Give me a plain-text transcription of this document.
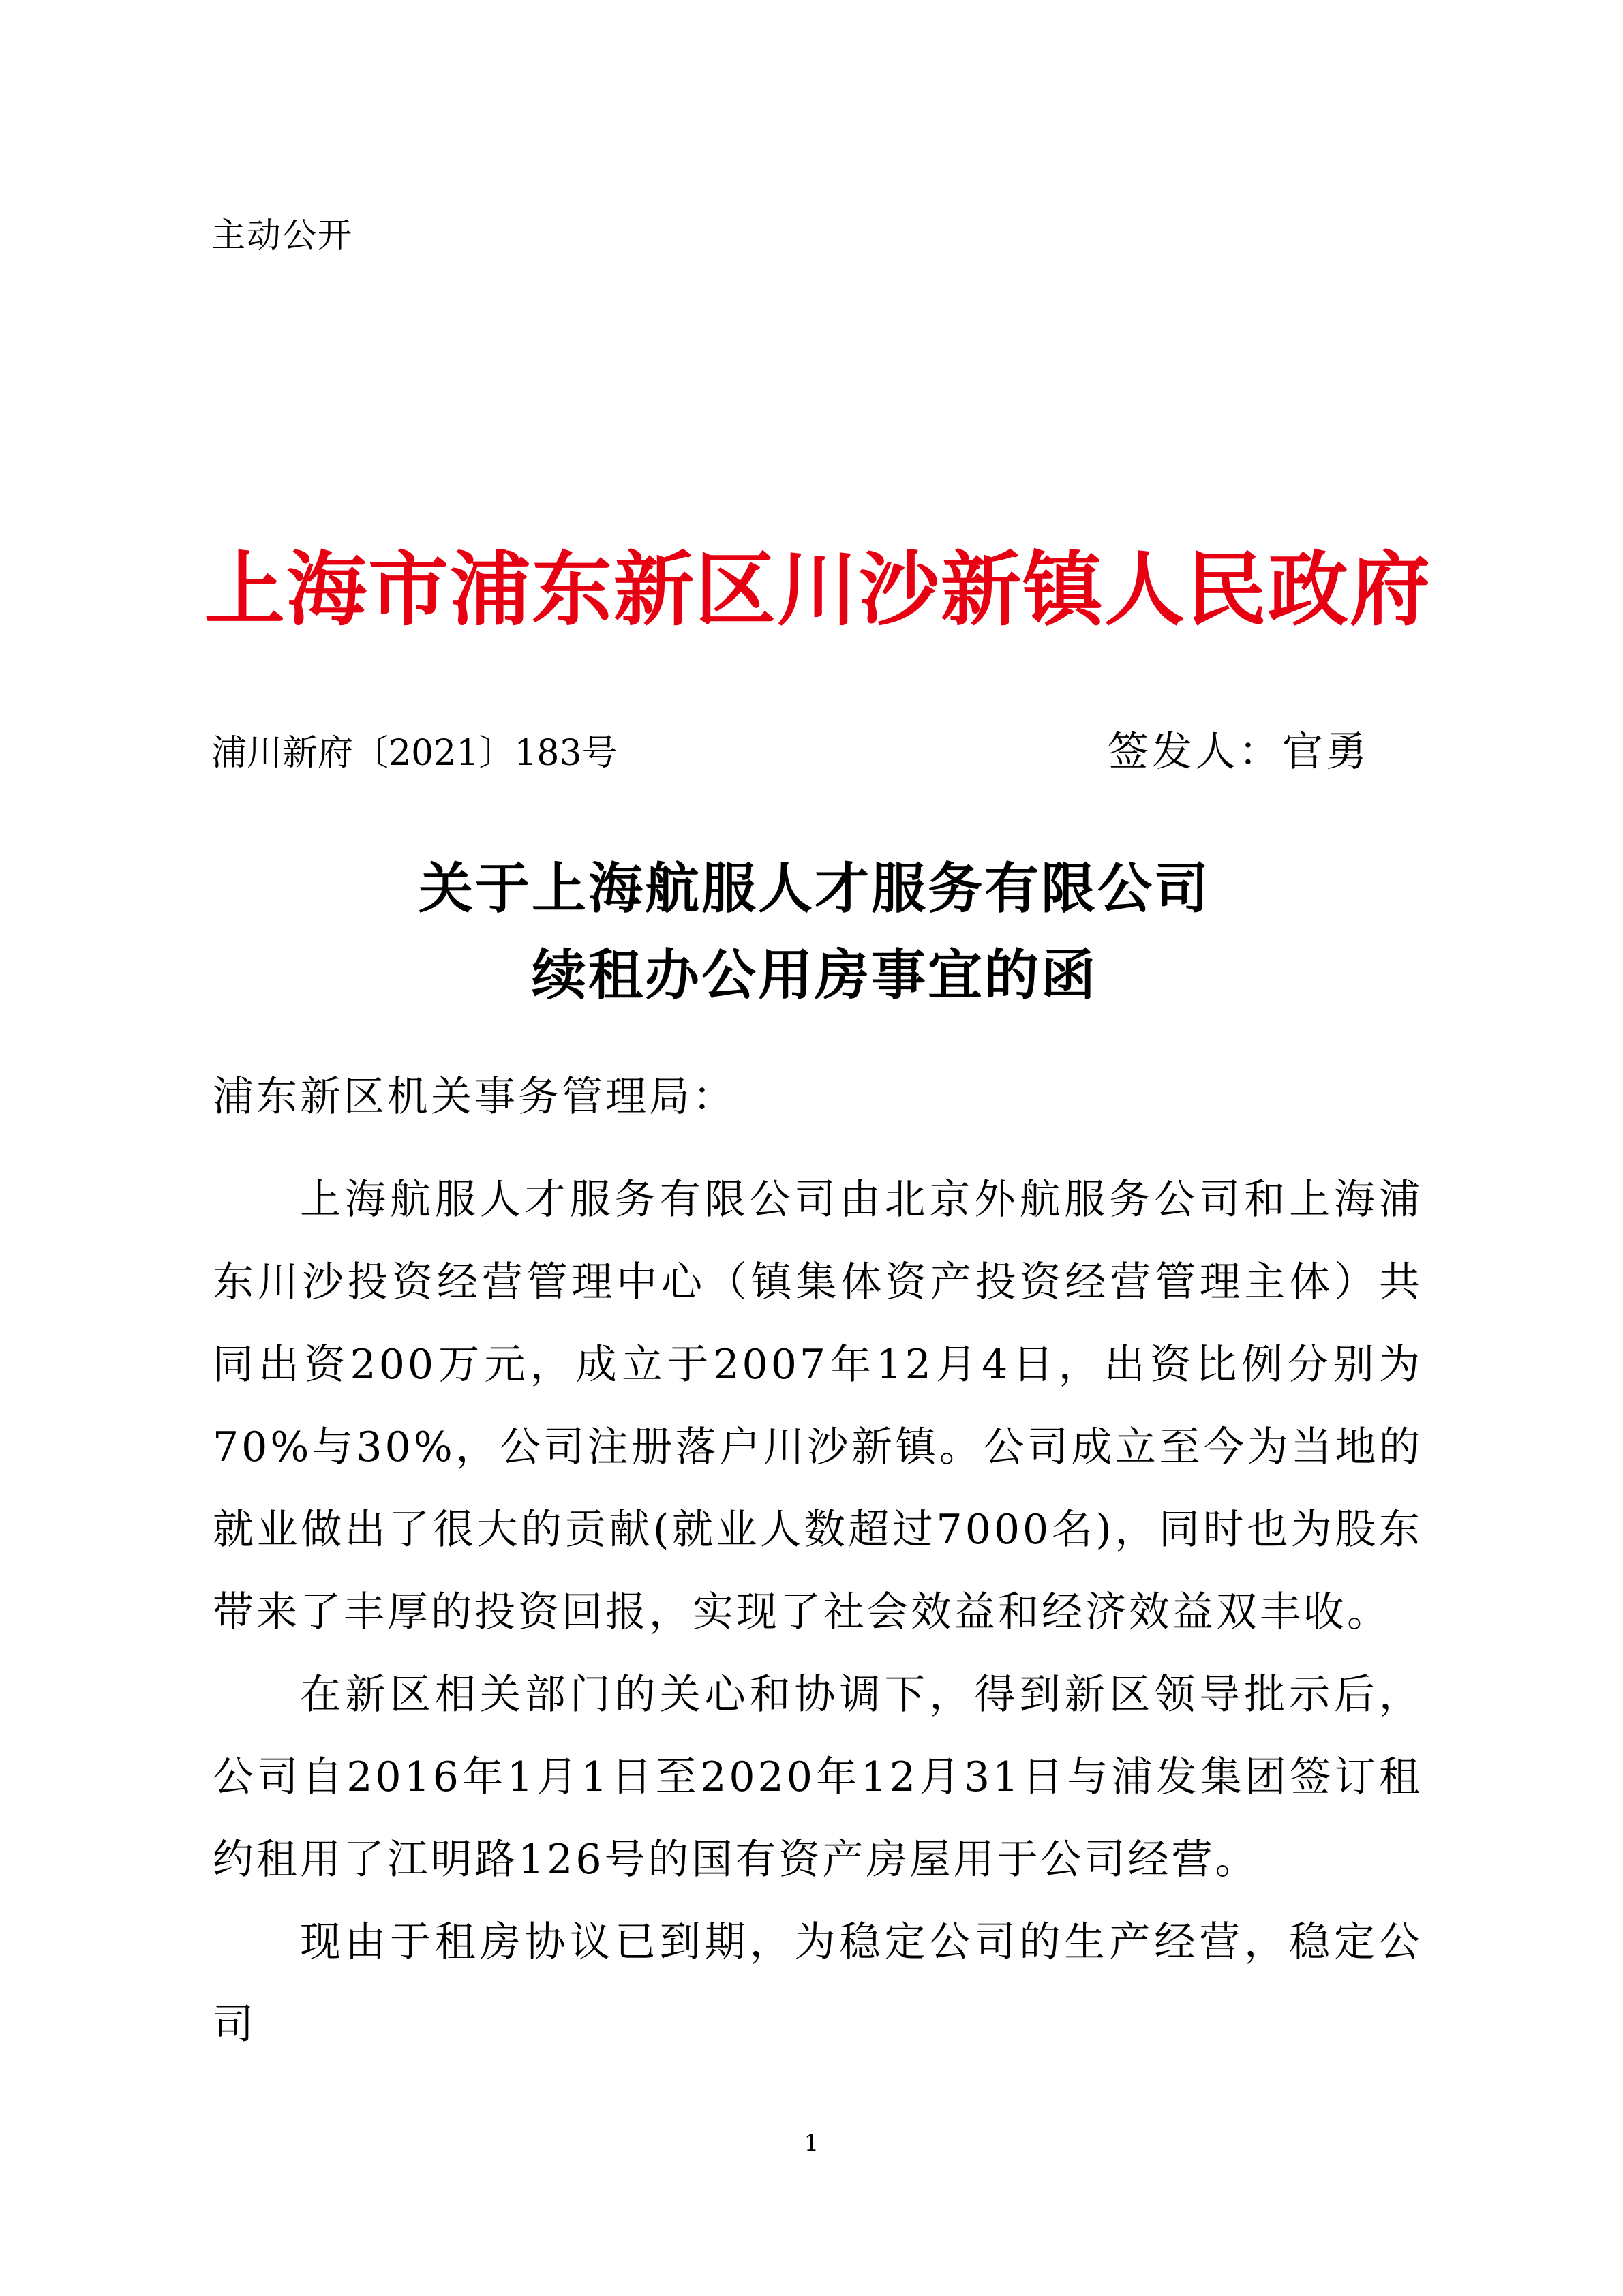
主动公开
上海市浦东新区川沙新镇人民政府
浦川新府〔2021〕183号	签发人：官勇
关于上海航服人才服务有限公司
续租办公用房事宜的函
浦东新区机关事务管理局：

上海航服人才服务有限公司由北京外航服务公司和上海浦东川沙投资经营管理中心（镇集体资产投资经营管理主体）共同出资200万元，成立于2007年12月4日，出资比例分别为70%与30%，公司注册落户川沙新镇。公司成立至今为当地的就业做出了很大的贡献(就业人数超过7000名)，同时也为股东带来了丰厚的投资回报，实现了社会效益和经济效益双丰收。

在新区相关部门的关心和协调下，得到新区领导批示后，公司自2016年1月1日至2020年12月31日与浦发集团签订租约租用了江明路126号的国有资产房屋用于公司经营。

现由于租房协议已到期，为稳定公司的生产经营，稳定公司

1
